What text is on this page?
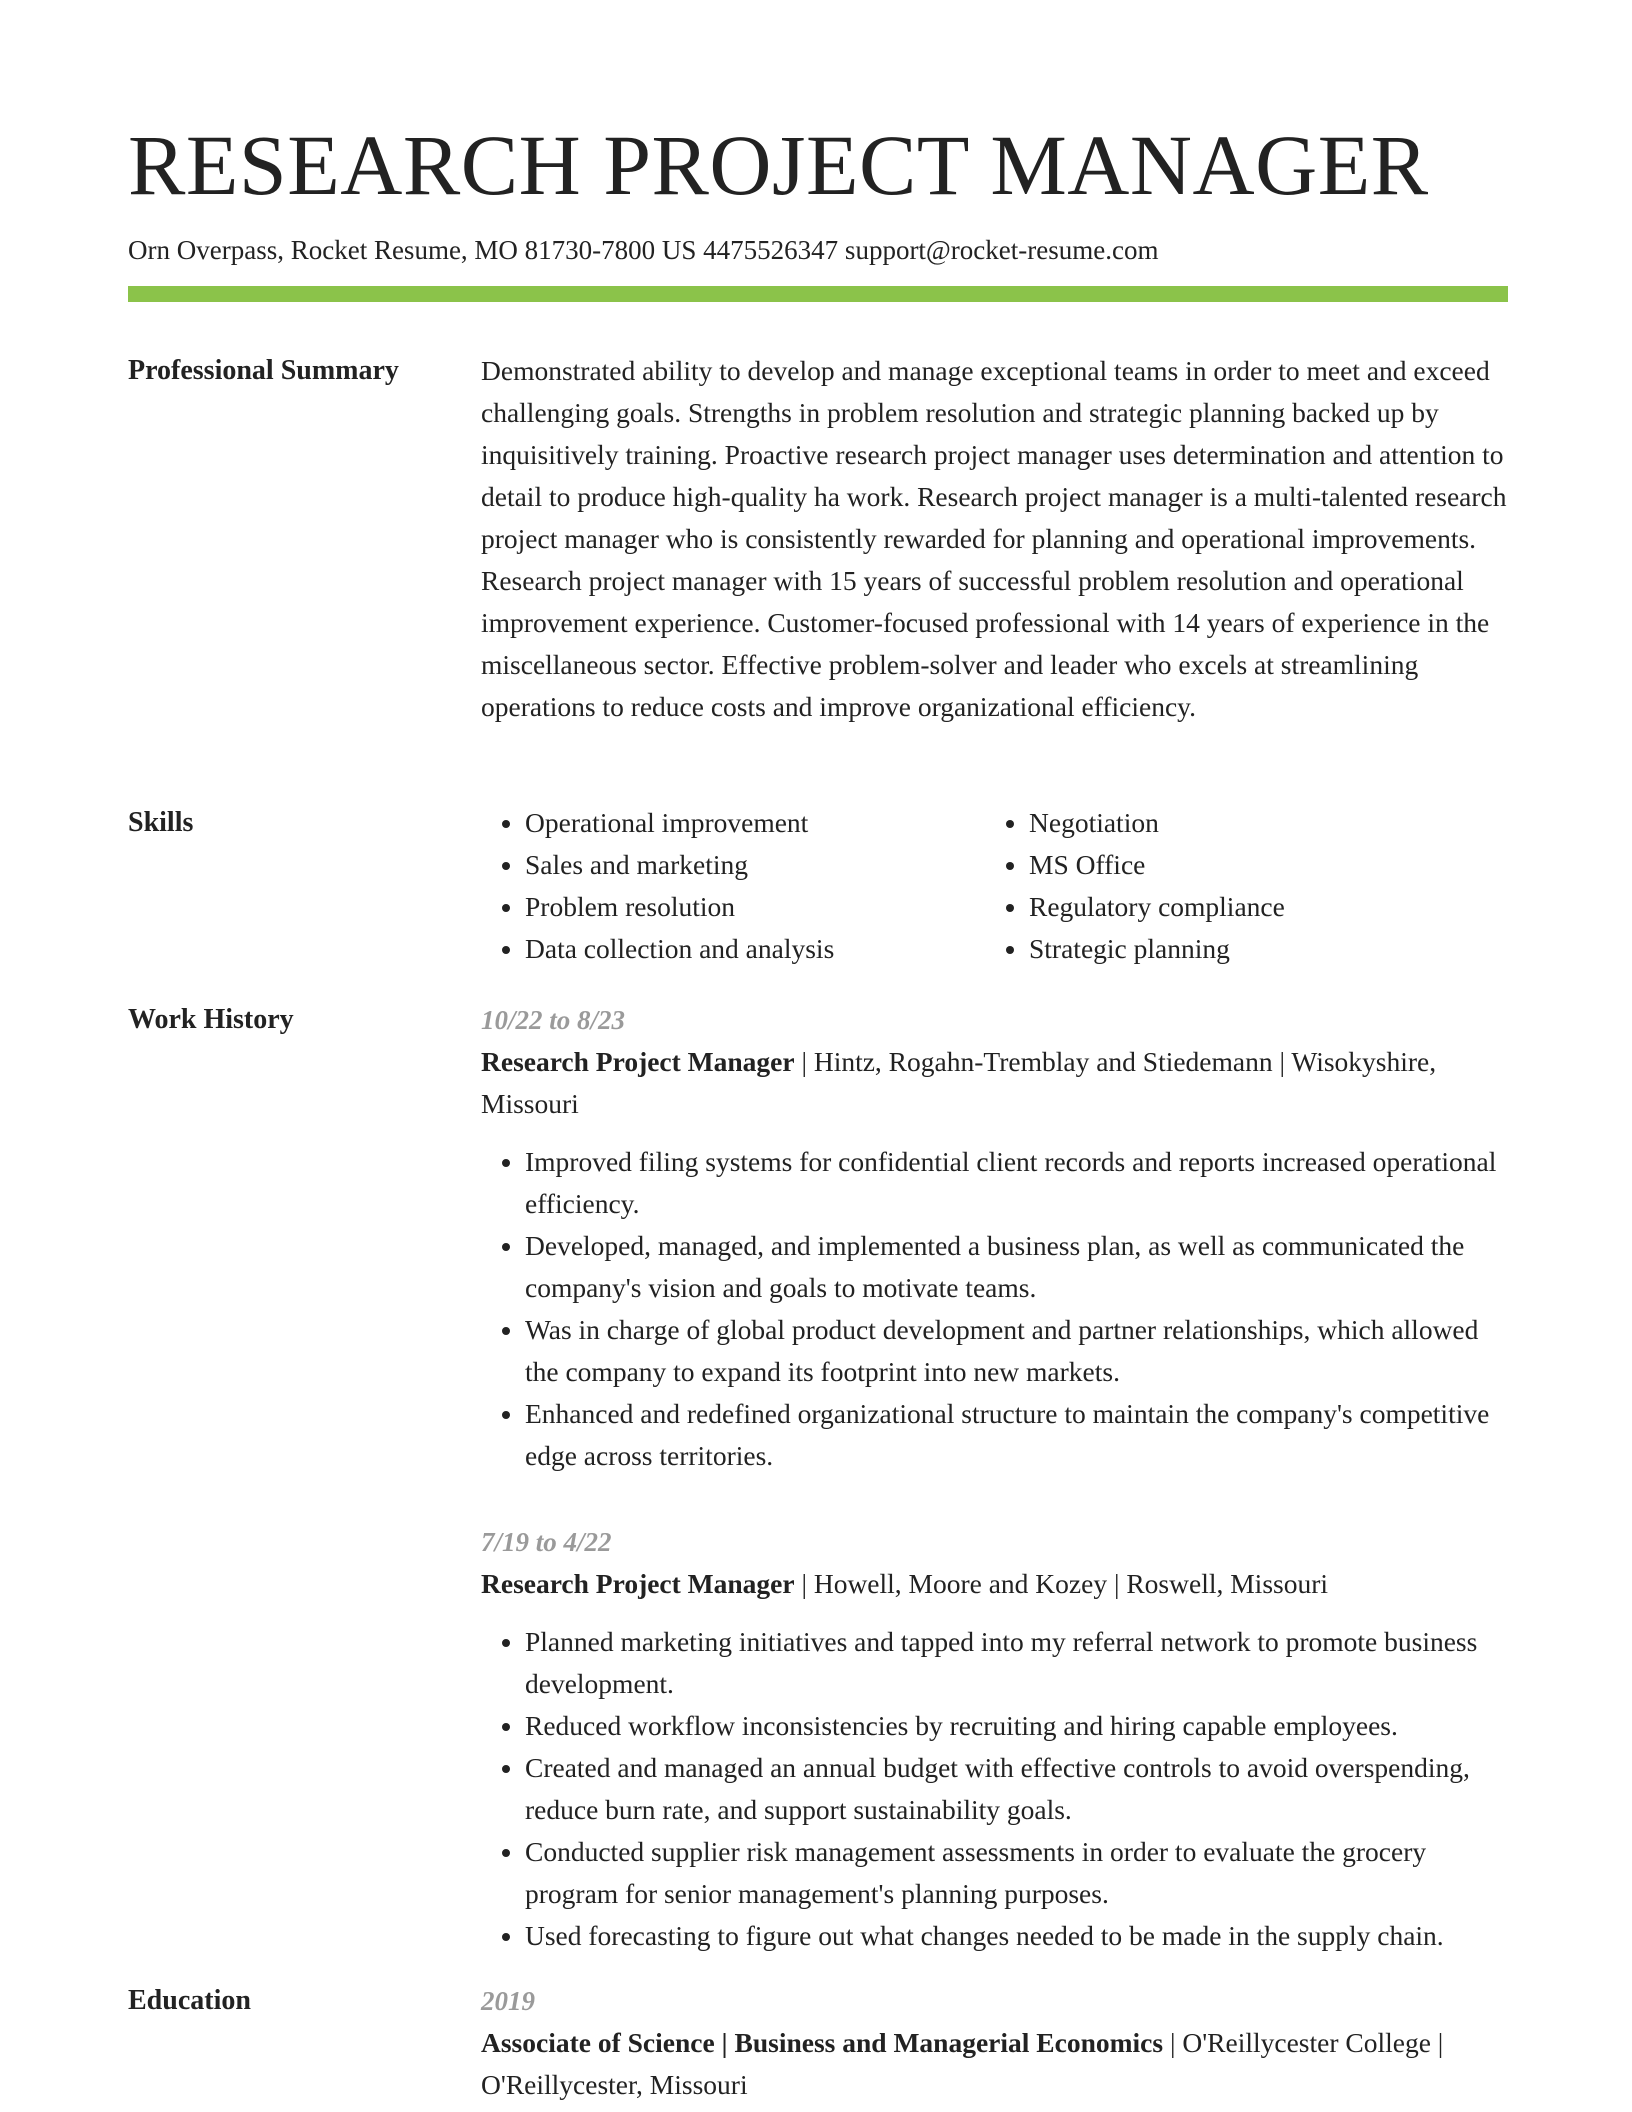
RESEARCH PROJECT MANAGER
Orn Overpass, Rocket Resume, MO 81730-7800 US 4475526347 support@rocket-resume.com
Professional Summary	Demonstrated ability to develop and manage exceptional teams in order to meet and exceed challenging goals. Strengths in problem resolution and strategic planning backed up by inquisitively training. Proactive research project manager uses determination and attention to detail to produce high-quality ha work. Research project manager is a multi-talented research project manager who is consistently rewarded for planning and operational improvements. Research project manager with 15 years of successful problem resolution and operational improvement experience. Customer-focused professional with 14 years of experience in the miscellaneous sector. Effective problem-solver and leader who excels at streamlining operations to reduce costs and improve organizational efficiency.

Skills
•	Operational improvement
• Sales and marketing
• Problem resolution
• Data collection and analysis
• Negotiation
• MS Office
• Regulatory compliance
• Strategic planning
Work History	10/22 to 8/23
Research Project Manager | Hintz, Rogahn-Tremblay and Stiedemann | Wisokyshire, Missouri
• Improved filing systems for confidential client records and reports increased operational efficiency.
• Developed, managed, and implemented a business plan, as well as communicated the company's vision and goals to motivate teams.
• Was in charge of global product development and partner relationships, which allowed the company to expand its footprint into new markets.
• Enhanced and redefined organizational structure to maintain the company's competitive edge across territories.
7/19 to 4/22
Research Project Manager | Howell, Moore and Kozey | Roswell, Missouri
• Planned marketing initiatives and tapped into my referral network to promote business development.
• Reduced workflow inconsistencies by recruiting and hiring capable employees.
• Created and managed an annual budget with effective controls to avoid overspending, reduce burn rate, and support sustainability goals.
• Conducted supplier risk management assessments in order to evaluate the grocery program for senior management's planning purposes.
• Used forecasting to figure out what changes needed to be made in the supply chain.
Education	2019
Associate of Science | Business and Managerial Economics | O'Reillycester College | O'Reillycester, Missouri
